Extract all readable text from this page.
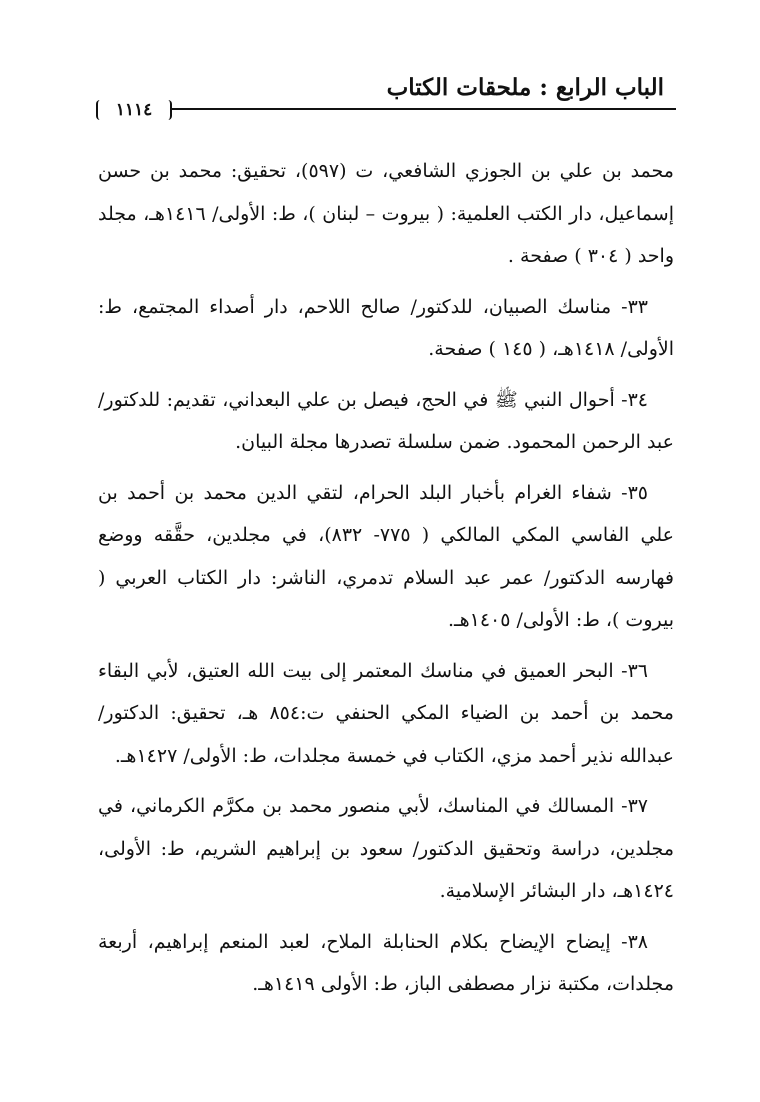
الباب الرابع : ملحقات الكتاب
١١١٤

محمد بن علي بن الجوزي الشافعي، ت (٥٩٧)، تحقيق: محمد بن حسن إسماعيل، دار الكتب العلمية: ( بيروت – لبنان )، ط: الأولى/ ١٤١٦هـ، مجلد واحد ( ٣٠٤ ) صفحة .

٣٣- مناسك الصبيان، للدكتور/ صالح اللاحم، دار أصداء المجتمع، ط: الأولى/ ١٤١٨هـ، ( ١٤٥ ) صفحة.

٣٤- أحوال النبي ﷺ في الحج، فيصل بن علي البعداني، تقديم: للدكتور/ عبد الرحمن المحمود. ضمن سلسلة تصدرها مجلة البيان.

٣٥- شفاء الغرام بأخبار البلد الحرام، لتقي الدين محمد بن أحمد بن علي الفاسي المكي المالكي ( ٧٧٥- ٨٣٢)، في مجلدين، حقَّقه ووضع فهارسه الدكتور/ عمر عبد السلام تدمري، الناشر: دار الكتاب العربي ( بيروت )، ط: الأولى/ ١٤٠٥هـ.

٣٦- البحر العميق في مناسك المعتمر إلى بيت الله العتيق، لأبي البقاء محمد بن أحمد بن الضياء المكي الحنفي ت:٨٥٤ هـ، تحقيق: الدكتور/ عبدالله نذير أحمد مزي، الكتاب في خمسة مجلدات، ط: الأولى/ ١٤٢٧هـ.

٣٧- المسالك في المناسك، لأبي منصور محمد بن مكرَّم الكرماني، في مجلدين، دراسة وتحقيق الدكتور/ سعود بن إبراهيم الشريم، ط: الأولى، ١٤٢٤هـ، دار البشائر الإسلامية.

٣٨- إيضاح الإيضاح بكلام الحنابلة الملاح، لعبد المنعم إبراهيم، أربعة مجلدات، مكتبة نزار مصطفى الباز، ط: الأولى ١٤١٩هـ.
